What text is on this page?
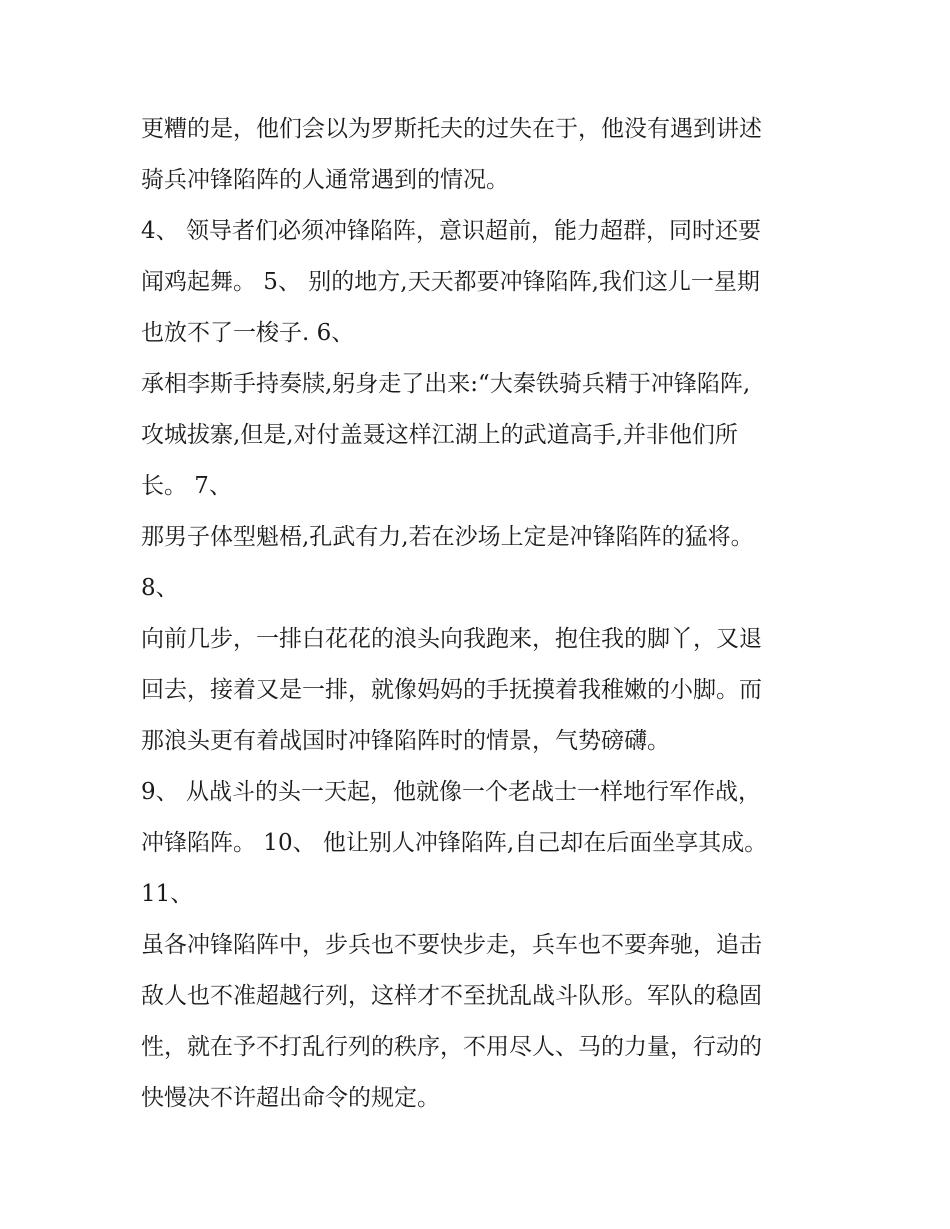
更糟的是，他们会以为罗斯托夫的过失在于，他没有遇到讲述
骑兵冲锋陷阵的人通常遇到的情况。
4、 领导者们必须冲锋陷阵，意识超前，能力超群，同时还要
闻鸡起舞。 5、 别的地方,天天都要冲锋陷阵,我们这儿一星期
也放不了一梭子. 6、
承相李斯手持奏牍,躬身走了出来:“大秦铁骑兵精于冲锋陷阵,
攻城拔寨,但是,对付盖聂这样江湖上的武道高手,并非他们所
长。 7、
那男子体型魁梧,孔武有力,若在沙场上定是冲锋陷阵的猛将。
8、
向前几步，一排白花花的浪头向我跑来，抱住我的脚丫，又退
回去，接着又是一排，就像妈妈的手抚摸着我稚嫩的小脚。而
那浪头更有着战国时冲锋陷阵时的情景，气势磅礴。
9、 从战斗的头一天起，他就像一个老战士一样地行军作战，
冲锋陷阵。 10、 他让别人冲锋陷阵,自己却在后面坐享其成。
11、
虽各冲锋陷阵中，步兵也不要快步走，兵车也不要奔驰，追击
敌人也不准超越行列，这样才不至扰乱战斗队形。军队的稳固
性，就在予不打乱行列的秩序，不用尽人、马的力量，行动的
快慢决不许超出命令的规定。
